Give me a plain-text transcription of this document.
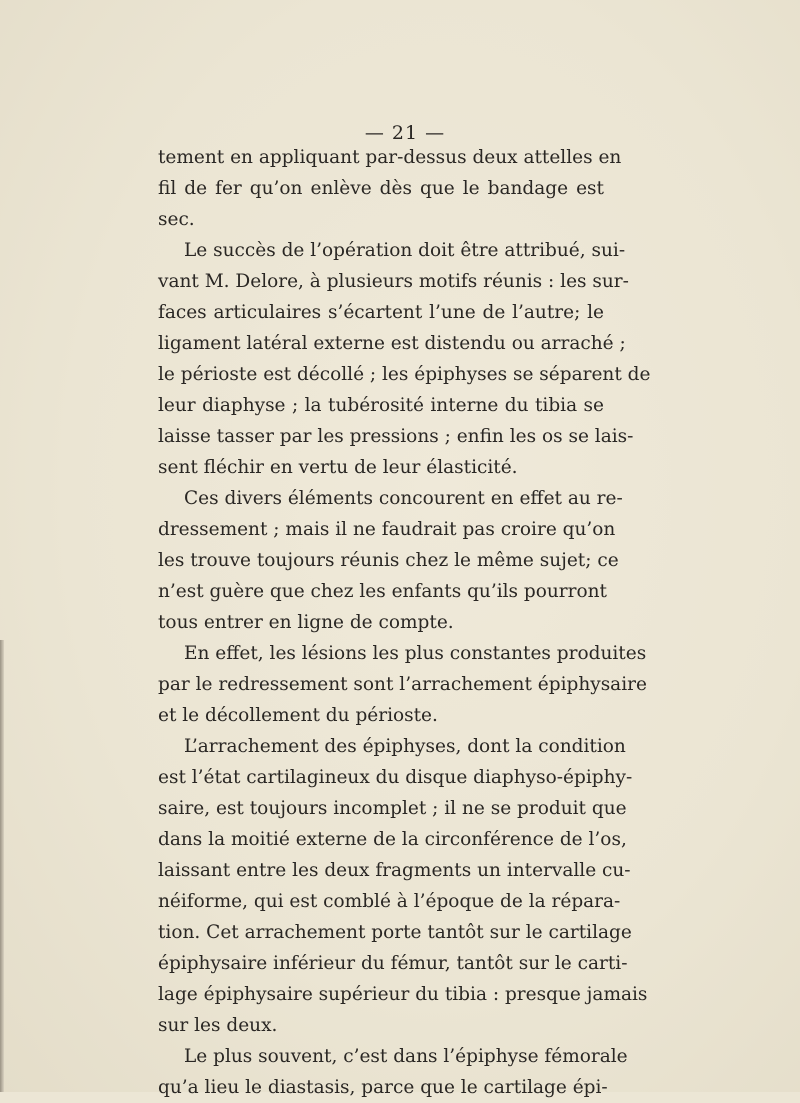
— 21 —
tement en appliquant par-dessus deux attelles en
fil de fer qu’on enlève dès que le bandage est
sec.
Le succès de l’opération doit être attribué, sui-
vant M. Delore, à plusieurs motifs réunis : les sur-
faces articulaires s’écartent l’une de l’autre; le
ligament latéral externe est distendu ou arraché ;
le périoste est décollé ; les épiphyses se séparent de
leur diaphyse ; la tubérosité interne du tibia se
laisse tasser par les pressions ; enfin les os se lais-
sent fléchir en vertu de leur élasticité.
Ces divers éléments concourent en effet au re-
dressement ; mais il ne faudrait pas croire qu’on
les trouve toujours réunis chez le même sujet; ce
n’est guère que chez les enfants qu’ils pourront
tous entrer en ligne de compte.
En effet, les lésions les plus constantes produites
par le redressement sont l’arrachement épiphysaire
et le décollement du périoste.
L’arrachement des épiphyses, dont la condition
est l’état cartilagineux du disque diaphyso-épiphy-
saire, est toujours incomplet ; il ne se produit que
dans la moitié externe de la circonférence de l’os,
laissant entre les deux fragments un intervalle cu-
néiforme, qui est comblé à l’époque de la répara-
tion. Cet arrachement porte tantôt sur le cartilage
épiphysaire inférieur du fémur, tantôt sur le carti-
lage épiphysaire supérieur du tibia : presque jamais
sur les deux.
Le plus souvent, c’est dans l’épiphyse fémorale
qu’a lieu le diastasis, parce que le cartilage épi-
